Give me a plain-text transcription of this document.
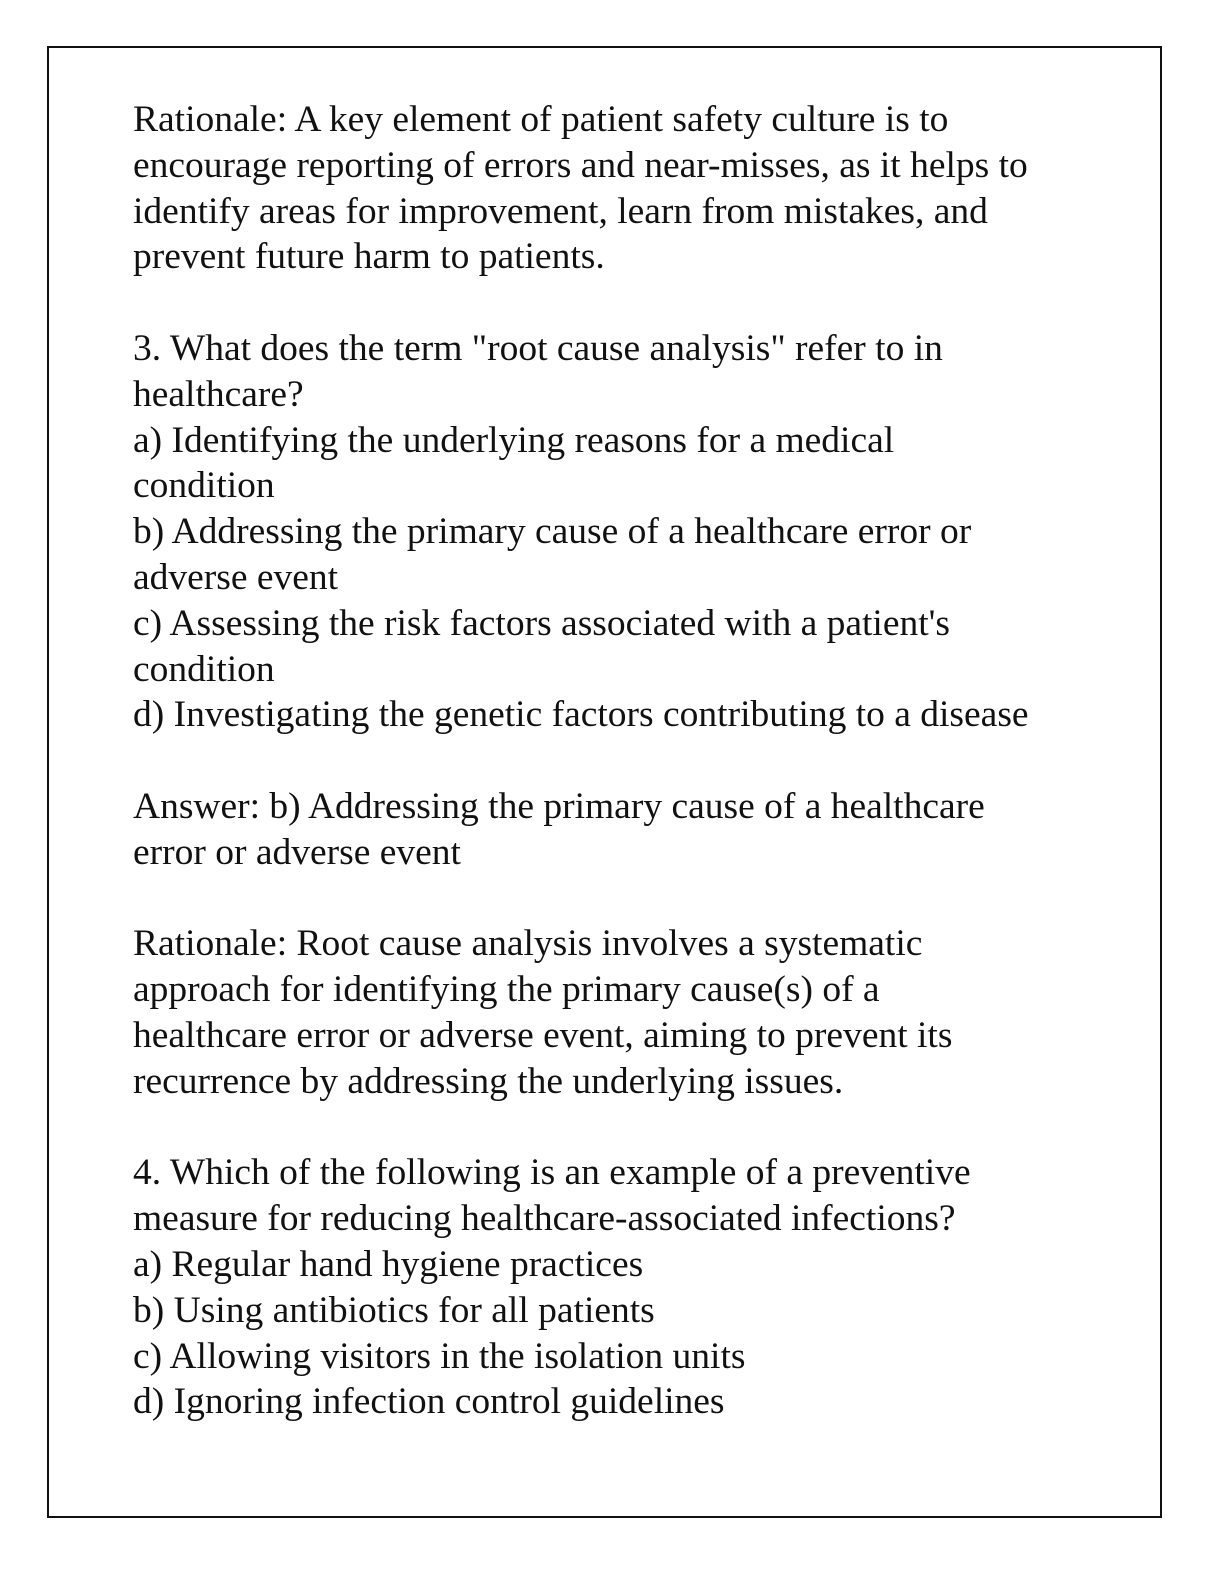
Rationale: A key element of patient safety culture is to
encourage reporting of errors and near-misses, as it helps to
identify areas for improvement, learn from mistakes, and
prevent future harm to patients.
3. What does the term "root cause analysis" refer to in
healthcare?
a) Identifying the underlying reasons for a medical
condition
b) Addressing the primary cause of a healthcare error or
adverse event
c) Assessing the risk factors associated with a patient's
condition
d) Investigating the genetic factors contributing to a disease
Answer: b) Addressing the primary cause of a healthcare
error or adverse event
Rationale: Root cause analysis involves a systematic
approach for identifying the primary cause(s) of a
healthcare error or adverse event, aiming to prevent its
recurrence by addressing the underlying issues.
4. Which of the following is an example of a preventive
measure for reducing healthcare-associated infections?
a) Regular hand hygiene practices
b) Using antibiotics for all patients
c) Allowing visitors in the isolation units
d) Ignoring infection control guidelines
